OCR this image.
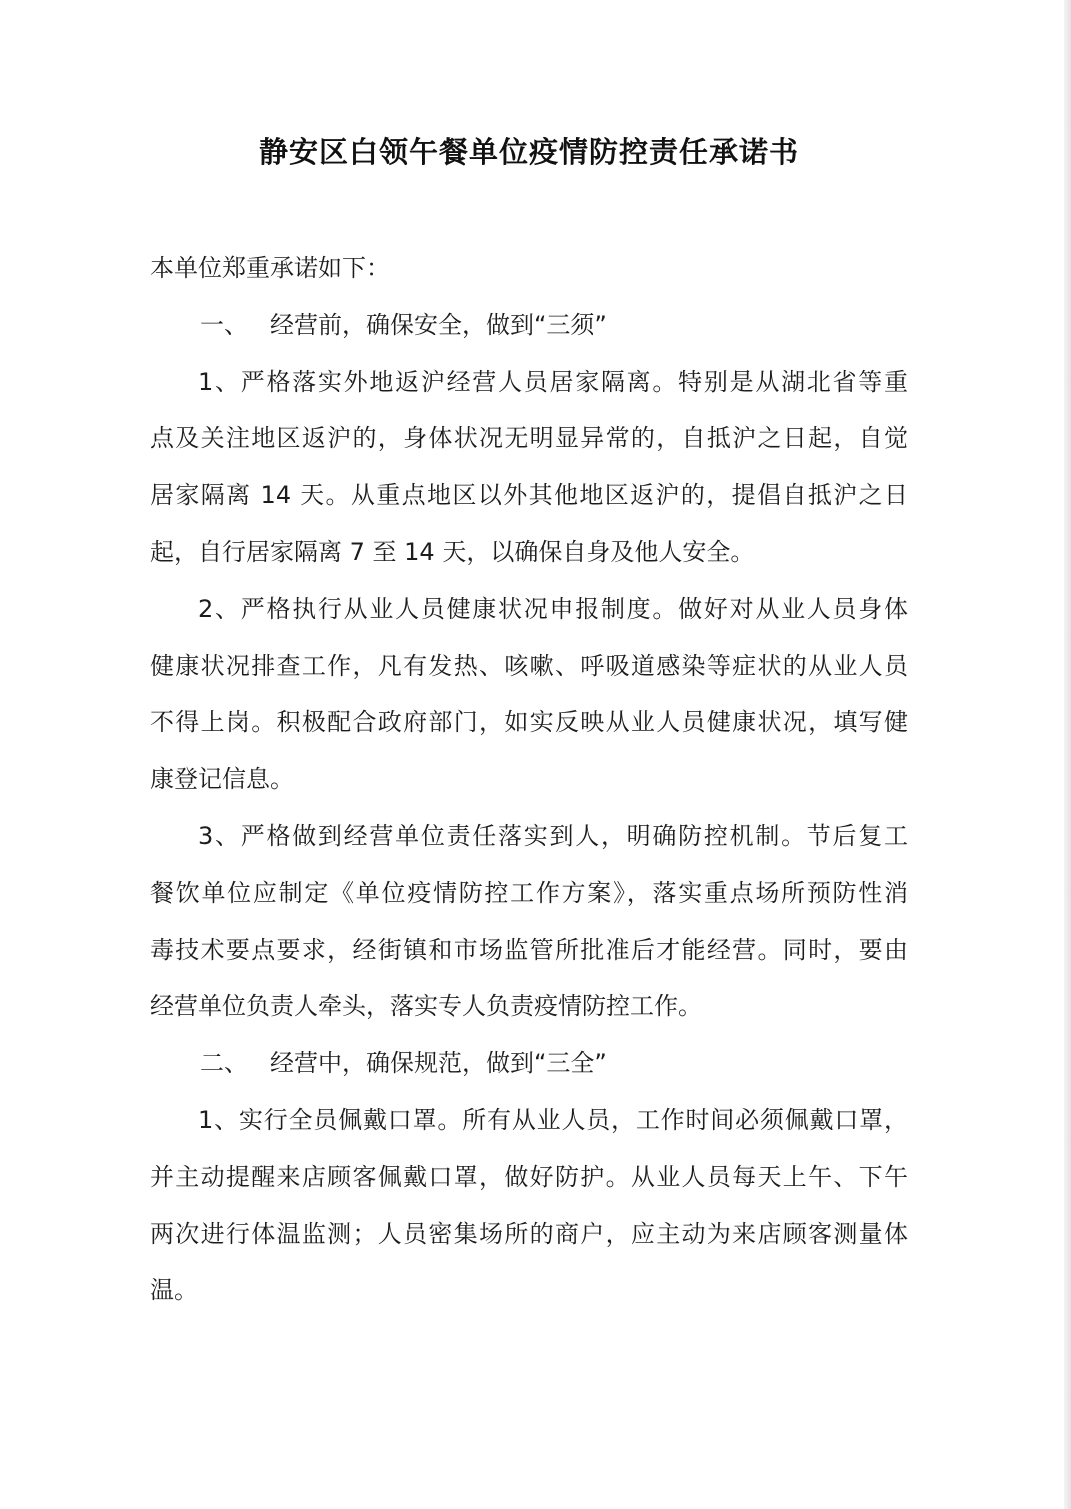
静安区白领午餐单位疫情防控责任承诺书

本单位郑重承诺如下：

一、 经营前，确保安全，做到“三须”

1、严格落实外地返沪经营人员居家隔离。特别是从湖北省等重

点及关注地区返沪的，身体状况无明显异常的，自抵沪之日起，自觉

居家隔离 14 天。从重点地区以外其他地区返沪的，提倡自抵沪之日

起，自行居家隔离 7 至 14 天，以确保自身及他人安全。

2、严格执行从业人员健康状况申报制度。做好对从业人员身体

健康状况排查工作，凡有发热、咳嗽、呼吸道感染等症状的从业人员

不得上岗。积极配合政府部门，如实反映从业人员健康状况，填写健

康登记信息。

3、严格做到经营单位责任落实到人，明确防控机制。节后复工

餐饮单位应制定《单位疫情防控工作方案》，落实重点场所预防性消

毒技术要点要求，经街镇和市场监管所批准后才能经营。同时，要由

经营单位负责人牵头，落实专人负责疫情防控工作。

二、 经营中，确保规范，做到“三全”

1、实行全员佩戴口罩。所有从业人员，工作时间必须佩戴口罩，

并主动提醒来店顾客佩戴口罩，做好防护。从业人员每天上午、下午

两次进行体温监测；人员密集场所的商户，应主动为来店顾客测量体

温。
